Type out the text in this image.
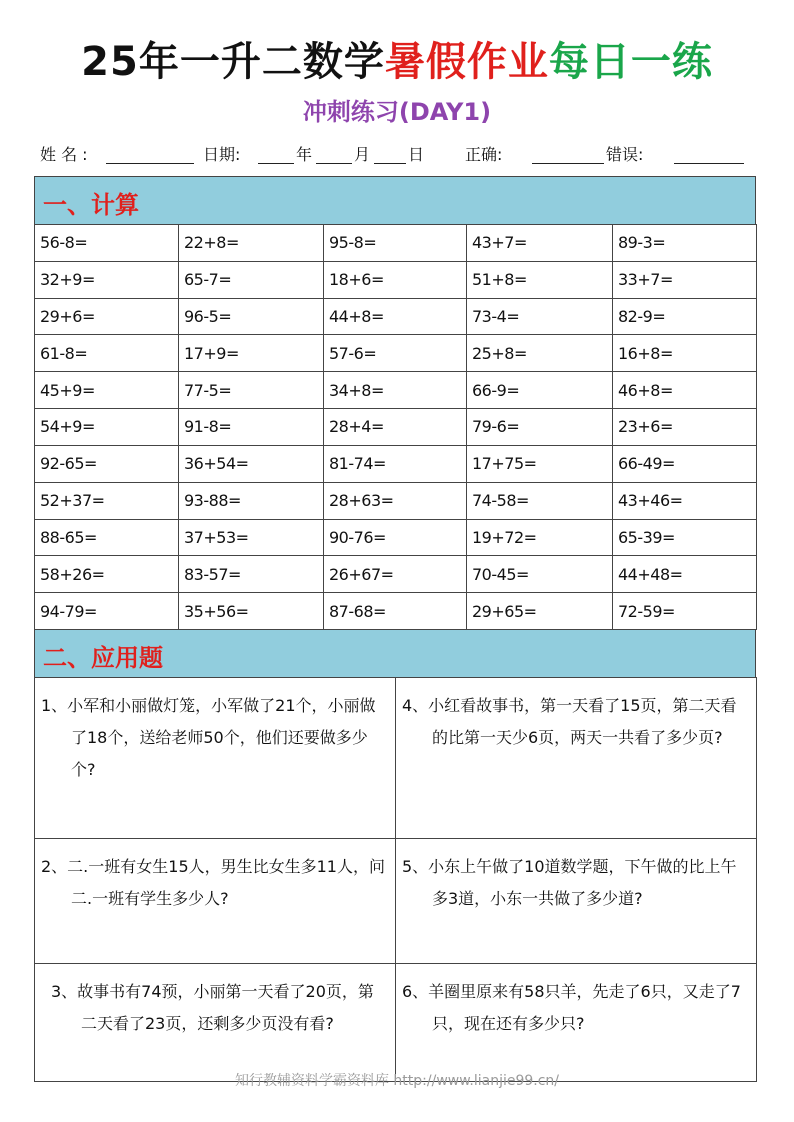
25年一升二数学暑假作业每日一练
冲刺练习(DAY1)
姓 名 :	日期:	年	月 日	正确:	错误:
一、计算
56-8=	22+8=	95-8=	43+7=	89-3=
32+9=	65-7=	18+6=	51+8=	33+7=
29+6=	96-5=	44+8=	73-4=	82-9=
61-8=	17+9=	57-6=	25+8=	16+8=
45+9=	77-5=	34+8=	66-9=	46+8=
54+9=	91-8=	28+4=	79-6=	23+6=
92-65=	36+54=	81-74=	17+75=	66-49=
52+37=	93-88=	28+63=	74-58=	43+46=
88-65=	37+53=	90-76=	19+72=	65-39=
58+26=	83-57=	26+67=	70-45=	44+48=
94-79=	35+56=	87-68=	29+65=	72-59=
二、应用题
1、小军和小丽做灯笼，小军做了21个，小丽做了18个，送给老师50个，他们还要做多少个?	4、小红看故事书，第一天看了15页，第二天看的比第一天少6页，两天一共看了多少页?

2、二.一班有女生15人，男生比女生多11人，问二.一班有学生多少人?	5、小东上午做了10道数学题，下午做的比上午多3道，小东一共做了多少道?

3、故事书有74预，小丽第一天看了20页，第二天看了23页，还剩多少页没有看?	6、羊圈里原来有58只羊，先走了6只，又走了7只，现在还有多少只?
知行教辅资料学霸资料库 http://www.lianjie99.cn/
